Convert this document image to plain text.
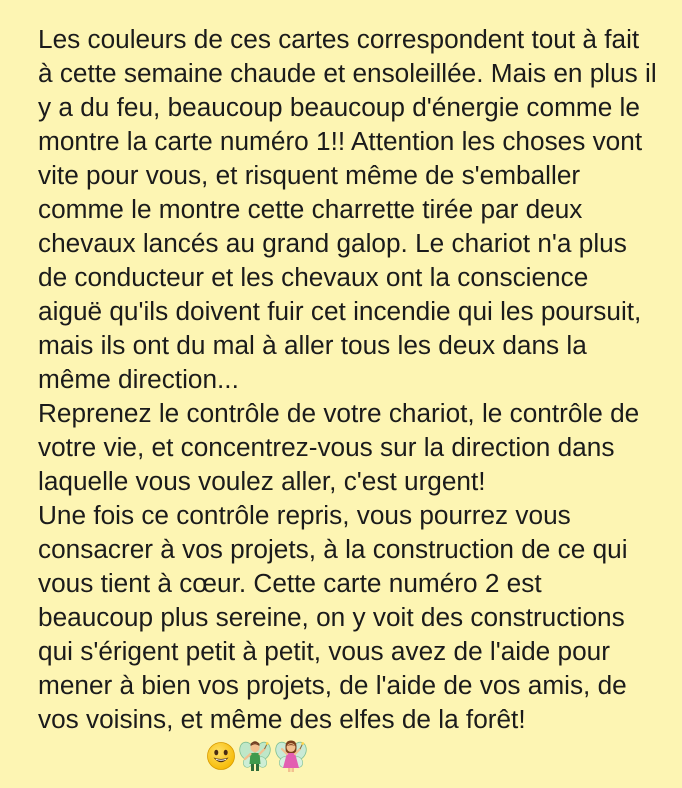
Les couleurs de ces cartes correspondent tout à fait
à cette semaine chaude et ensoleillée. Mais en plus il
y a du feu, beaucoup beaucoup d'énergie comme le
montre la carte numéro 1!! Attention les choses vont
vite pour vous, et risquent même de s'emballer
comme le montre cette charrette tirée par deux
chevaux lancés au grand galop. Le chariot n'a plus
de conducteur et les chevaux ont la conscience
aiguë qu'ils doivent fuir cet incendie qui les poursuit,
mais ils ont du mal à aller tous les deux dans la
même direction...
Reprenez le contrôle de votre chariot, le contrôle de
votre vie, et concentrez-vous sur la direction dans
laquelle vous voulez aller, c'est urgent!
Une fois ce contrôle repris, vous pourrez vous
consacrer à vos projets, à la construction de ce qui
vous tient à cœur. Cette carte numéro 2 est
beaucoup plus sereine, on y voit des constructions
qui s'érigent petit à petit, vous avez de l'aide pour
mener à bien vos projets, de l'aide de vos amis, de
vos voisins, et même des elfes de la forêt!
